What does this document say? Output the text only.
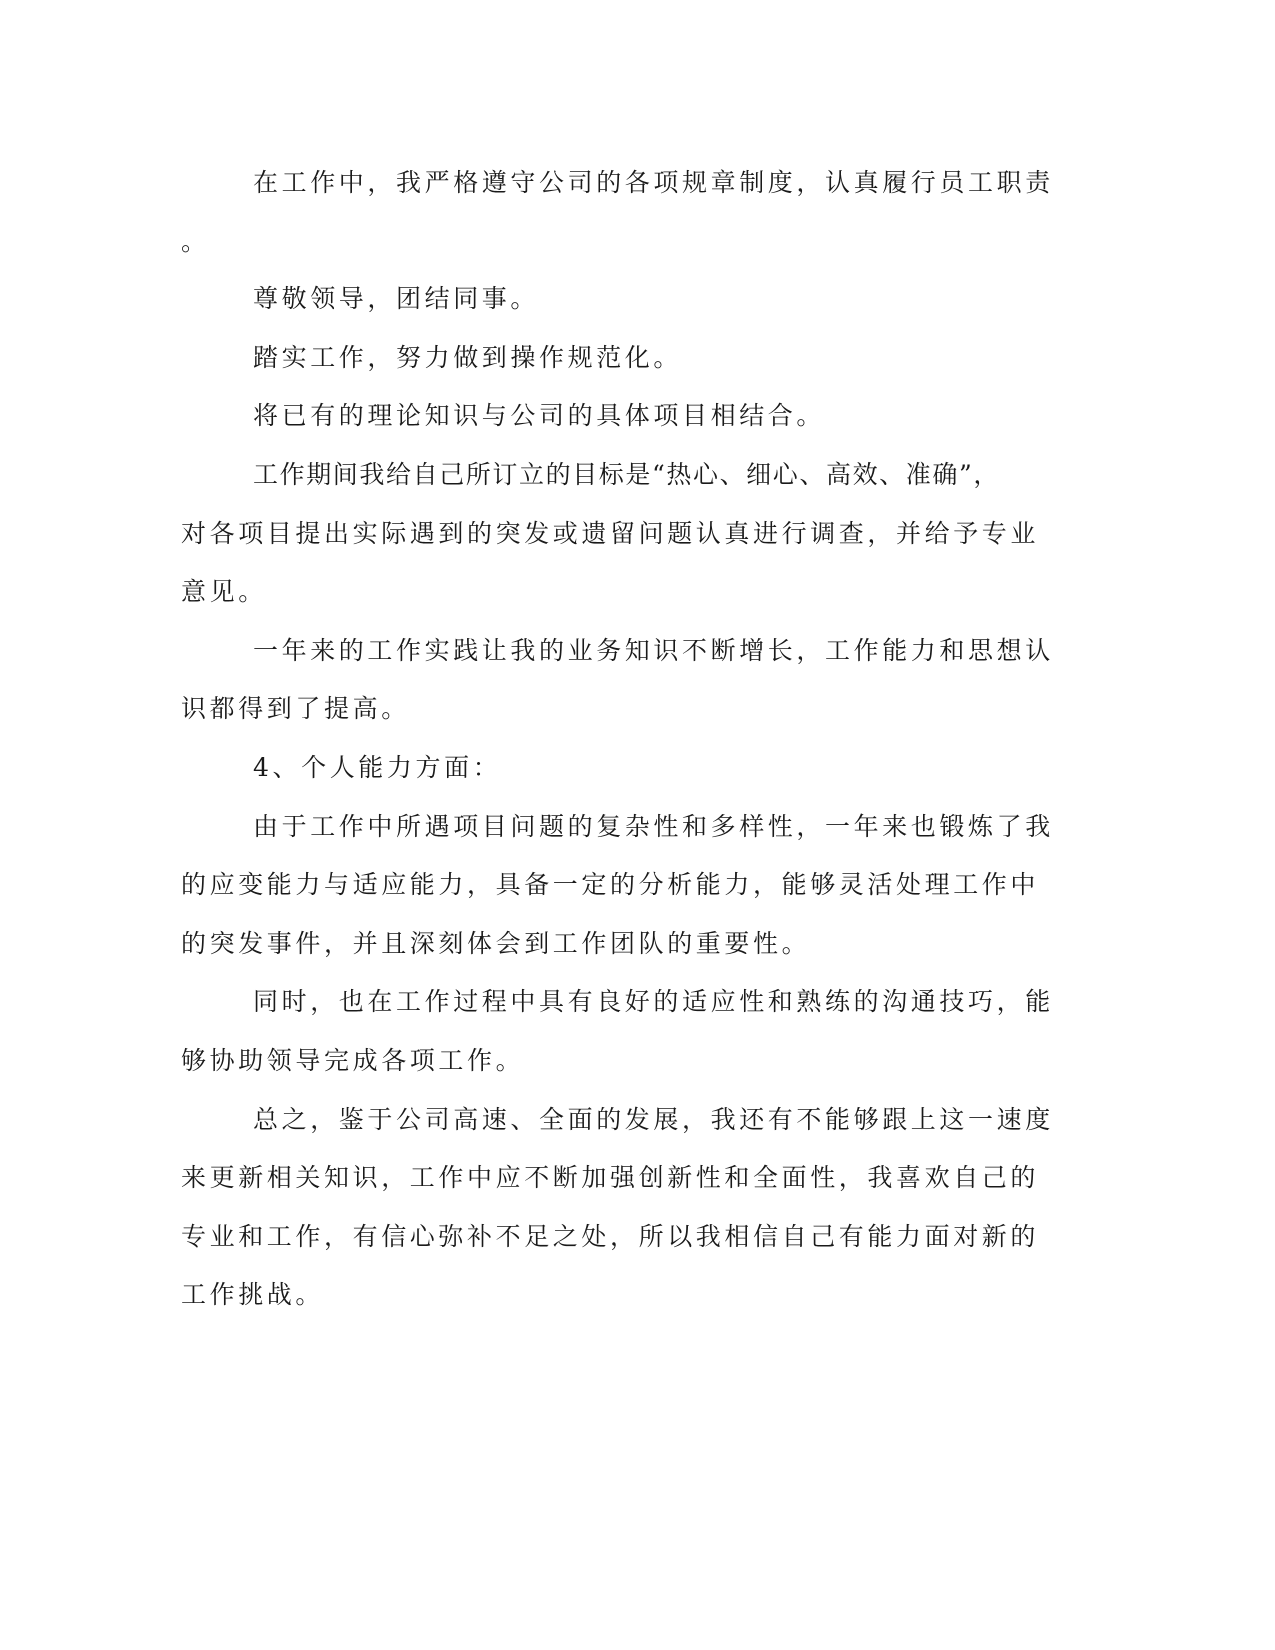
在工作中，我严格遵守公司的各项规章制度，认真履行员工职责

。

尊敬领导，团结同事。

踏实工作，努力做到操作规范化。

将已有的理论知识与公司的具体项目相结合。

工作期间我给自己所订立的目标是“热心、细心、高效、准确”，

对各项目提出实际遇到的突发或遗留问题认真进行调查，并给予专业

意见。

一年来的工作实践让我的业务知识不断增长，工作能力和思想认

识都得到了提高。

4、个人能力方面：

由于工作中所遇项目问题的复杂性和多样性，一年来也锻炼了我

的应变能力与适应能力，具备一定的分析能力，能够灵活处理工作中

的突发事件，并且深刻体会到工作团队的重要性。

同时，也在工作过程中具有良好的适应性和熟练的沟通技巧，能

够协助领导完成各项工作。

总之，鉴于公司高速、全面的发展，我还有不能够跟上这一速度

来更新相关知识，工作中应不断加强创新性和全面性，我喜欢自己的

专业和工作，有信心弥补不足之处，所以我相信自己有能力面对新的

工作挑战。
